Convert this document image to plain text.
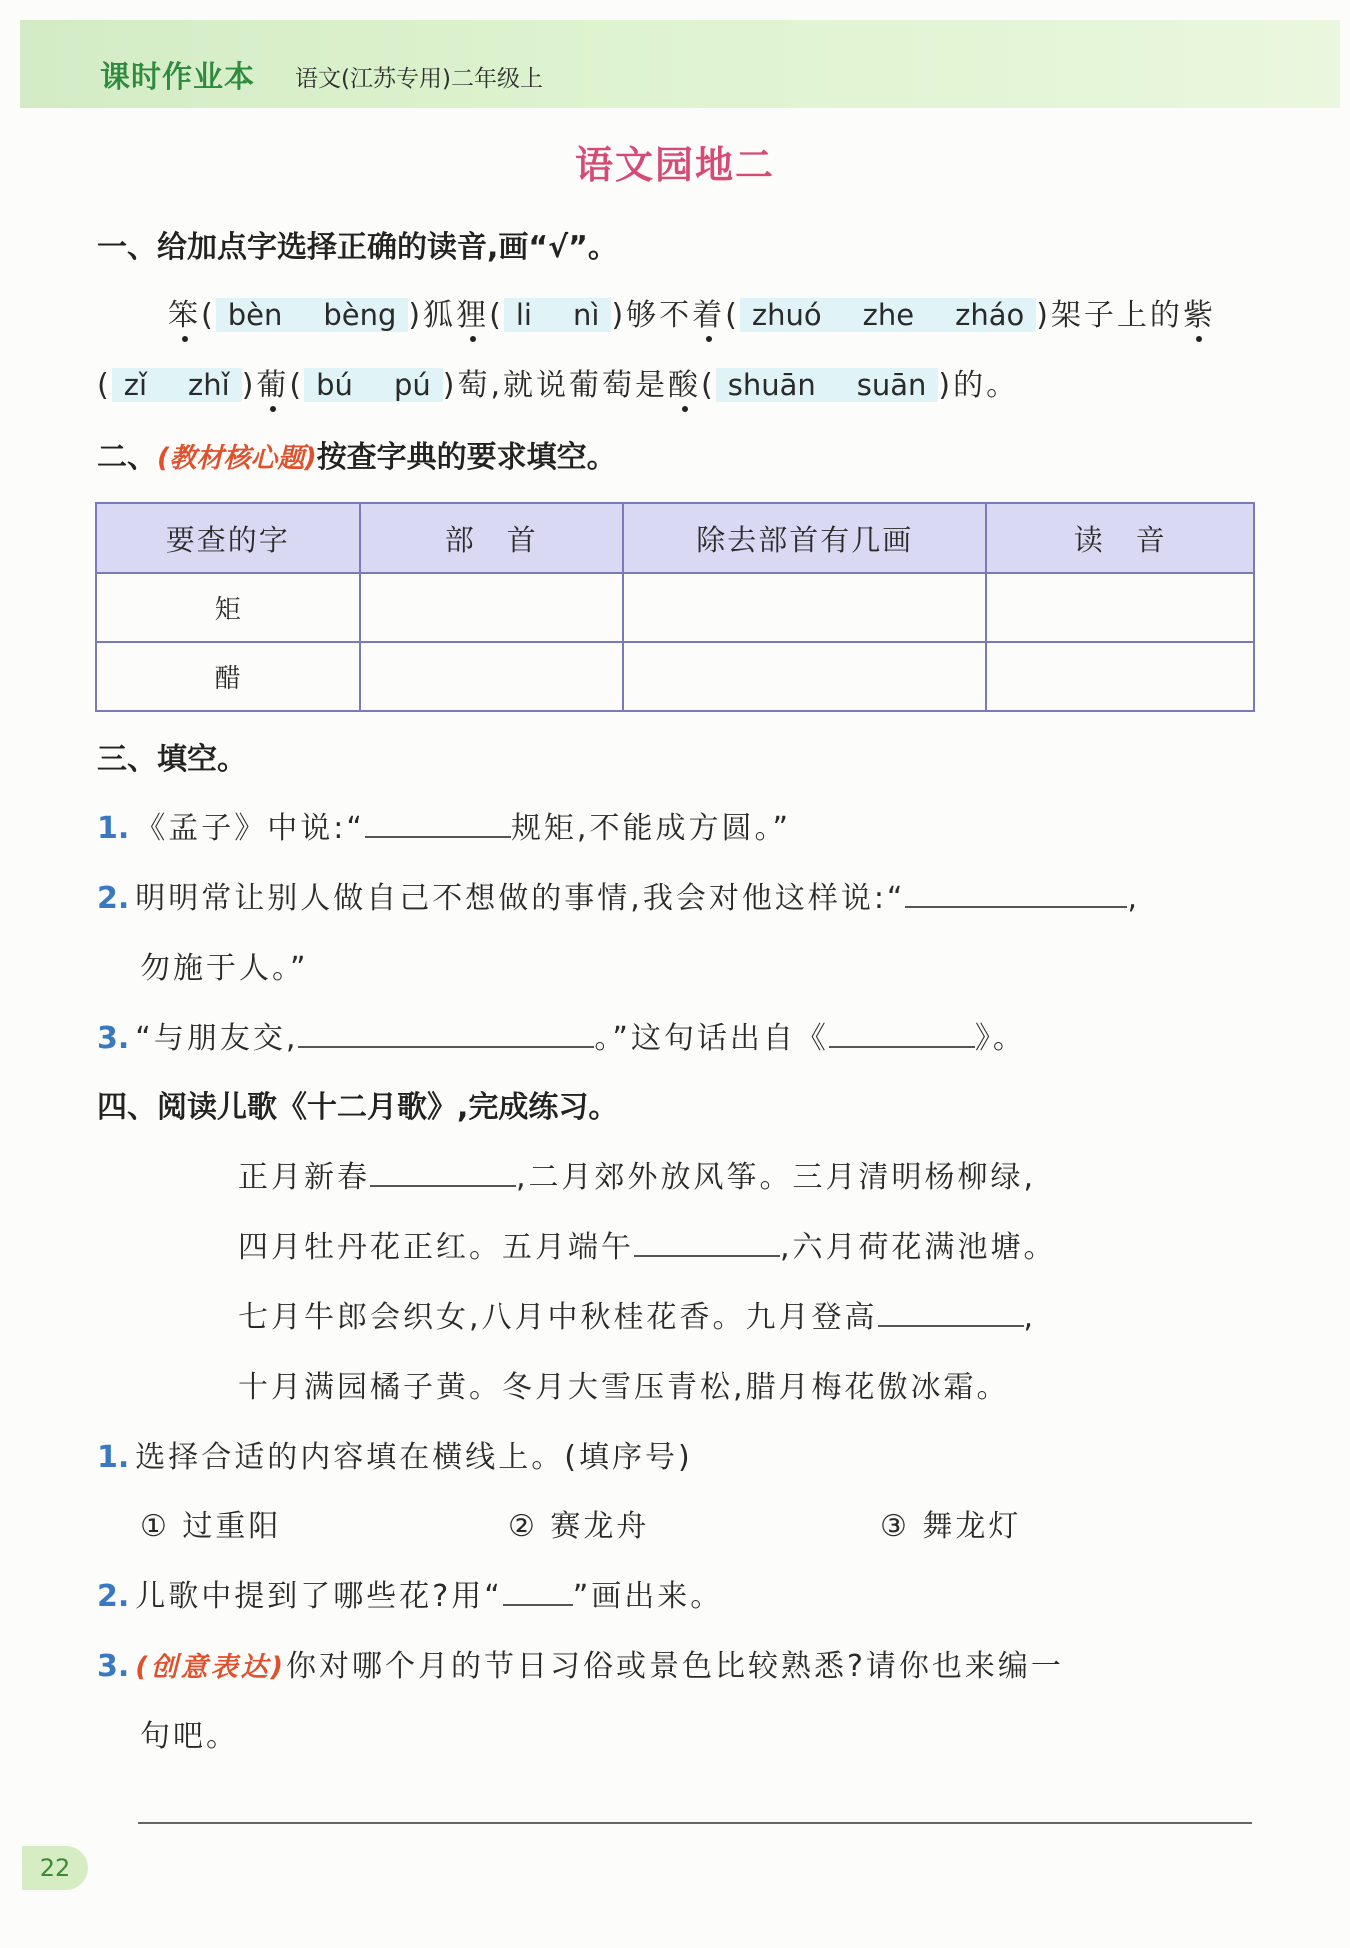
课时作业本 语文(江苏专用)二年级上
语文园地二
一、给加点字选择正确的读音,画“√”。
笨( bèn　 bèng )狐狸( li　 nì )够不着( zhuó　 zhe　 zháo )架子上的紫
( zǐ　 zhǐ )葡( bú　 pú )萄,就说葡萄是酸( shuān　 suān )的。
二、(教材核心题)按查字典的要求填空。
要查的字	部　首	除去部首有几画	读　音
矩			
醋			
三、填空。
1. 《孟子》中说:“	规矩,不能成方圆。”
2. 明明常让别人做自己不想做的事情,我会对他这样说:“	,
勿施于人。”
3. “与朋友交,	。”这句话出自《	》。
四、阅读儿歌《十二月歌》,完成练习。
正月新春	,二月郊外放风筝。三月清明杨柳绿,
四月牡丹花正红。五月端午	,六月荷花满池塘。
七月牛郎会织女,八月中秋桂花香。九月登高	,
十月满园橘子黄。冬月大雪压青松,腊月梅花傲冰霜。
1. 选择合适的内容填在横线上。(填序号)
① 过重阳	② 赛龙舟	③ 舞龙灯
2. 儿歌中提到了哪些花?用“ ”画出来。
3. (创意表达)你对哪个月的节日习俗或景色比较熟悉?请你也来编一
句吧。
22
